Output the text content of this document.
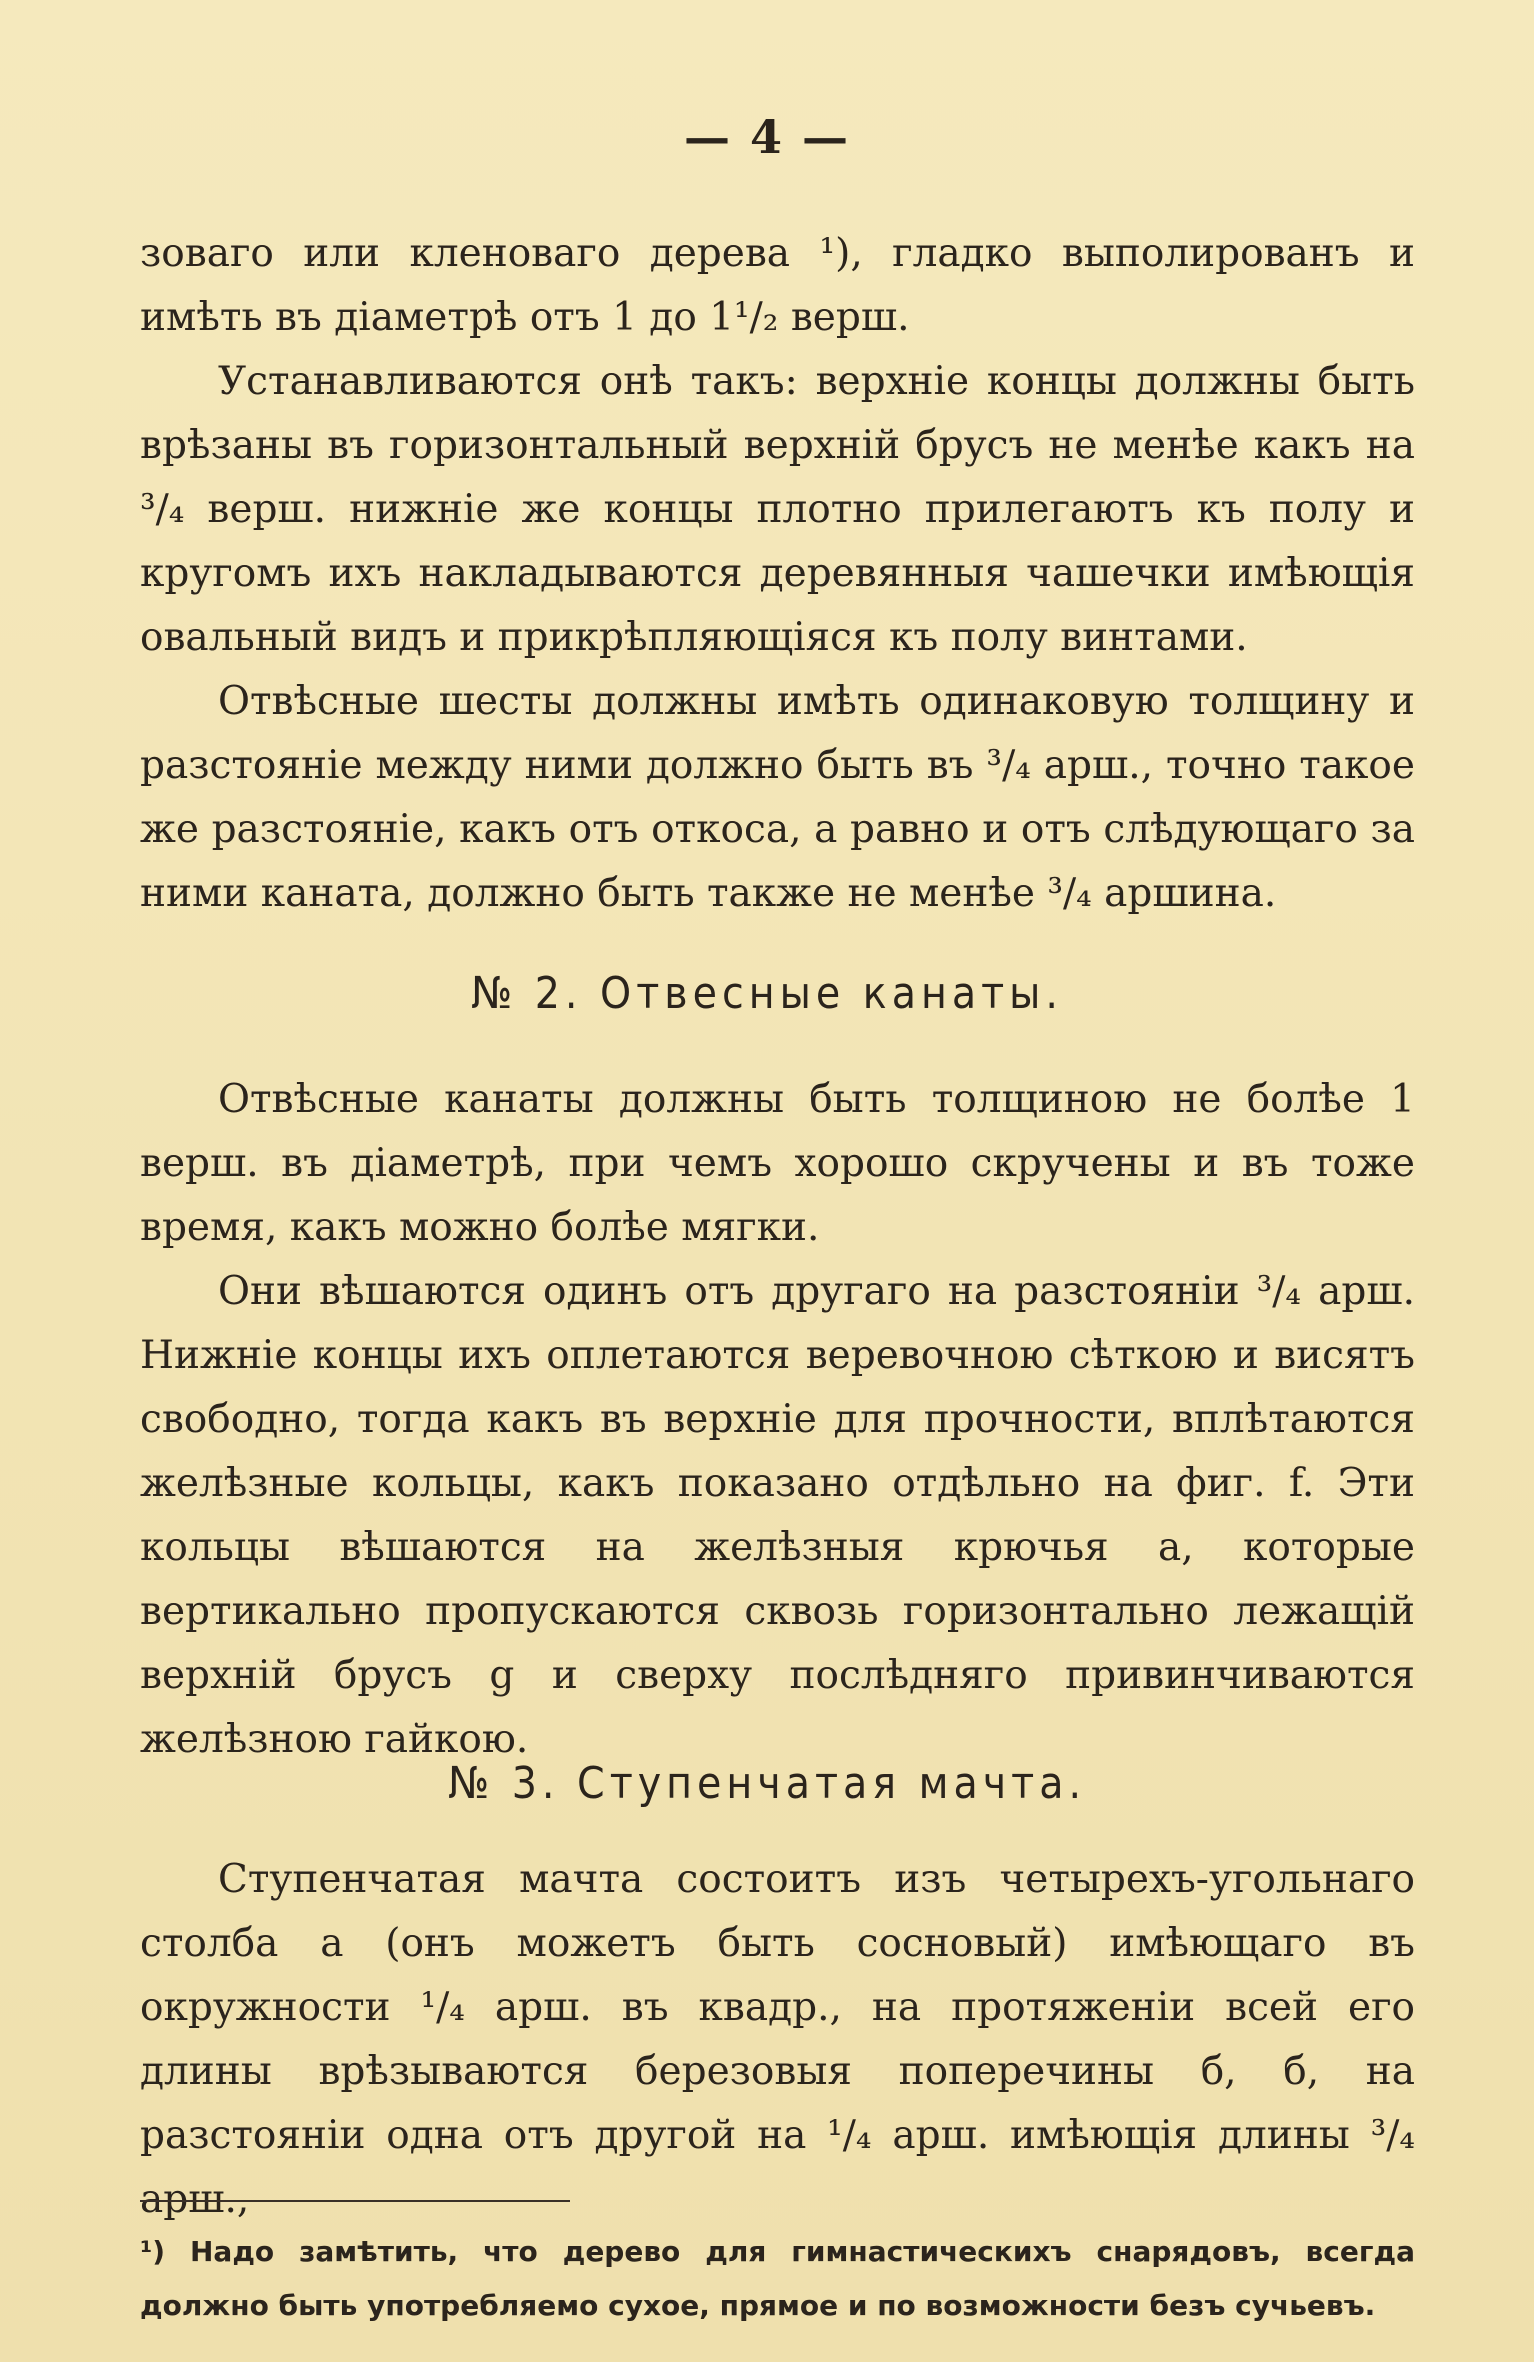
— 4 —

зоваго или кленоваго дерева ¹), гладко выполированъ и имѣть въ діаметрѣ отъ 1 до 1¹/₂ верш.

Устанавливаются онѣ такъ: верхніе концы должны быть врѣзаны въ горизонтальный верхній брусъ не менѣе какъ на ³/₄ верш. нижніе же концы плотно прилегаютъ къ полу и кругомъ ихъ накладываются деревянныя чашечки имѣющія овальный видъ и прикрѣпляющіяся къ полу винтами.

Отвѣсные шесты должны имѣть одинаковую толщину и разстояніе между ними должно быть въ ³/₄ арш., точно такое же разстояніе, какъ отъ откоса, а равно и отъ слѣдующаго за ними каната, должно быть также не менѣе ³/₄ аршина.

№ 2. Отвесные канаты.

Отвѣсные канаты должны быть толщиною не болѣе 1 верш. въ діаметрѣ, при чемъ хорошо скручены и въ тоже время, какъ можно болѣе мягки.

Они вѣшаются одинъ отъ другаго на разстояніи ³/₄ арш. Нижніе концы ихъ оплетаются веревочною сѣткою и висятъ свободно, тогда какъ въ верхніе для прочности, вплѣтаются желѣзные кольцы, какъ показано отдѣльно на фиг. f. Эти кольцы вѣшаются на желѣзныя крючья а, которые вертикально пропускаются сквозь горизонтально лежащій верхній брусъ g и сверху послѣдняго привинчиваются желѣзною гайкою.

№ 3. Ступенчатая мачта.

Ступенчатая мачта состоитъ изъ четырехъ-угольнаго столба а (онъ можетъ быть сосновый) имѣющаго въ окружности ¹/₄ арш. въ квадр., на протяженіи всей его длины врѣзываются березовыя поперечины б, б, на разстояніи одна отъ другой на ¹/₄ арш. имѣющія длины ³/₄ арш.,

¹) Надо замѣтить, что дерево для гимнастическихъ снарядовъ, всегда должно быть употребляемо сухое, прямое и по возможности безъ сучьевъ.
